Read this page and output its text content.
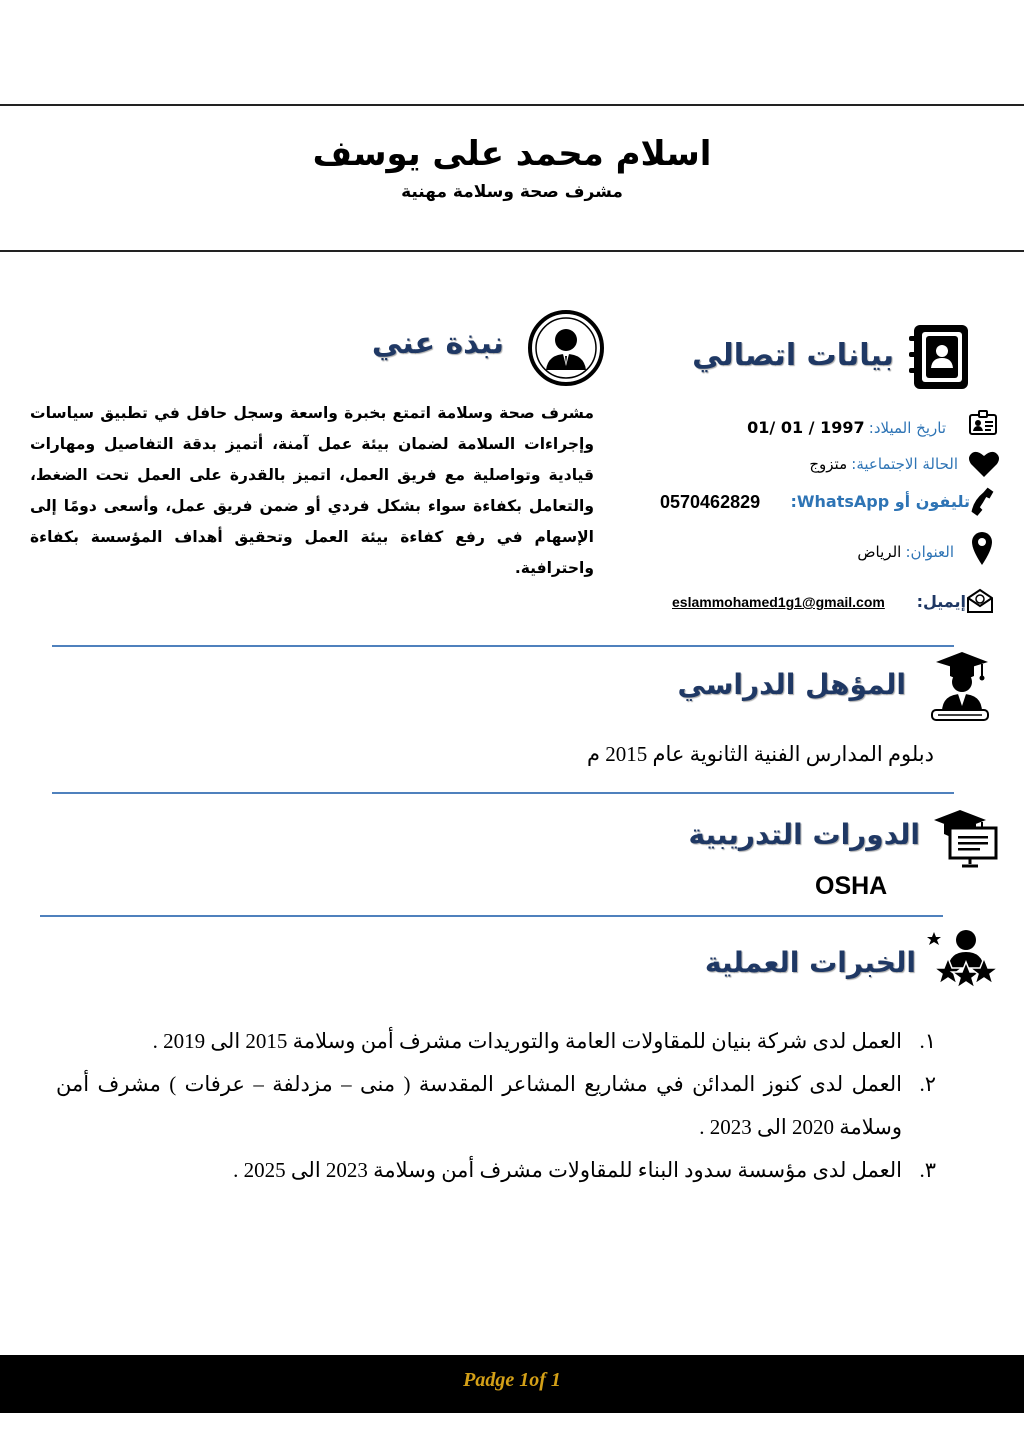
اسلام محمد على يوسف
مشرف صحة وسلامة مهنية
نبذة عني
مشرف صحة وسلامة اتمتع بخبرة واسعة وسجل حافل في تطبيق سياسات وإجراءات السلامة لضمان بيئة عمل آمنة، أتميز بدقة التفاصيل ومهارات قيادية وتواصلية مع فريق العمل، اتميز بالقدرة على العمل تحت الضغط، والتعامل بكفاءة سواء بشكل فردي أو ضمن فريق عمل، وأسعى دومًا إلى الإسهام في رفع كفاءة بيئة العمل وتحقيق أهداف المؤسسة بكفاءة واحترافية.
بيانات اتصالي
تاريخ الميلاد: 1997 / 01 /01
الحالة الاجتماعية: متزوج
تليفون أو WhatsApp:
0570462829
العنوان: الرياض
إيميل:
eslammohamed1g1@gmail.com
المؤهل الدراسي
دبلوم المدارس الفنية الثانوية عام 2015 م
الدورات التدريبية
OSHA
الخبرات العملية
١.
العمل لدى شركة بنيان للمقاولات العامة والتوريدات مشرف أمن وسلامة 2015 الى 2019 .
٢.
العمل لدى كنوز المدائن في مشاريع المشاعر المقدسة ( منى – مزدلفة – عرفات ) مشرف أمن وسلامة 2020 الى 2023 .
٣.
العمل لدى مؤسسة سدود البناء للمقاولات مشرف أمن وسلامة 2023 الى 2025 .
Padge 1of 1
